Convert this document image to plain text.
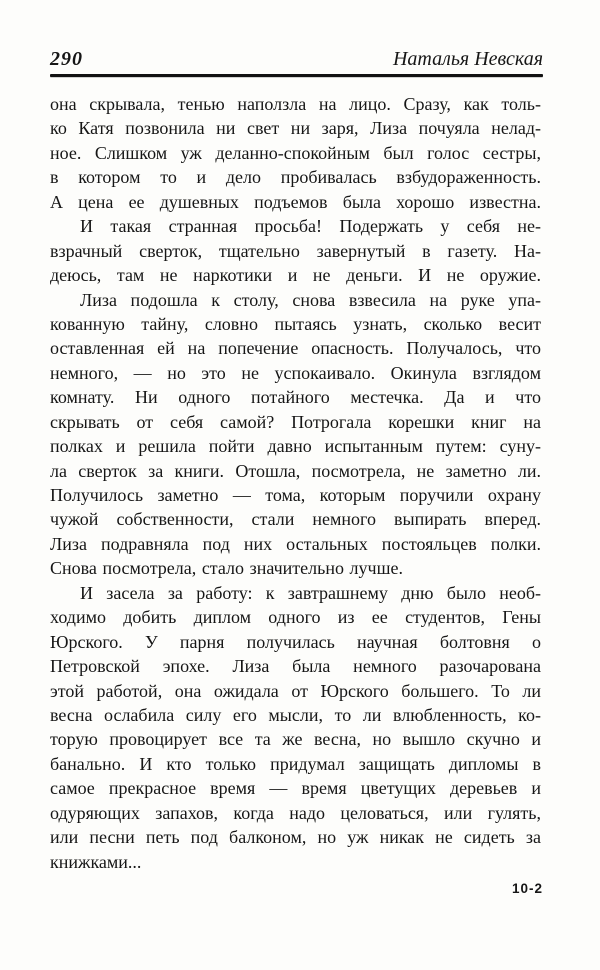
290	Наталья Невская
она скрывала, тенью наползла на лицо. Сразу, как толь-
ко Катя позвонила ни свет ни заря, Лиза почуяла нелад-
ное. Слишком уж деланно-спокойным был голос сестры,
в котором то и дело пробивалась взбудораженность.
А цена ее душевных подъемов была хорошо известна.
И такая странная просьба! Подержать у себя не-
взрачный сверток, тщательно завернутый в газету. На-
деюсь, там не наркотики и не деньги. И не оружие.
Лиза подошла к столу, снова взвесила на руке упа-
кованную тайну, словно пытаясь узнать, сколько весит
оставленная ей на попечение опасность. Получалось, что
немного, — но это не успокаивало. Окинула взглядом
комнату. Ни одного потайного местечка. Да и что
скрывать от себя самой? Потрогала корешки книг на
полках и решила пойти давно испытанным путем: суну-
ла сверток за книги. Отошла, посмотрела, не заметно ли.
Получилось заметно — тома, которым поручили охрану
чужой собственности, стали немного выпирать вперед.
Лиза подравняла под них остальных постояльцев полки.
Снова посмотрела, стало значительно лучше.
И засела за работу: к завтрашнему дню было необ-
ходимо добить диплом одного из ее студентов, Гены
Юрского. У парня получилась научная болтовня о
Петровской эпохе. Лиза была немного разочарована
этой работой, она ожидала от Юрского большего. То ли
весна ослабила силу его мысли, то ли влюбленность, ко-
торую провоцирует все та же весна, но вышло скучно и
банально. И кто только придумал защищать дипломы в
самое прекрасное время — время цветущих деревьев и
одуряющих запахов, когда надо целоваться, или гулять,
или песни петь под балконом, но уж никак не сидеть за
книжками...
10-2
